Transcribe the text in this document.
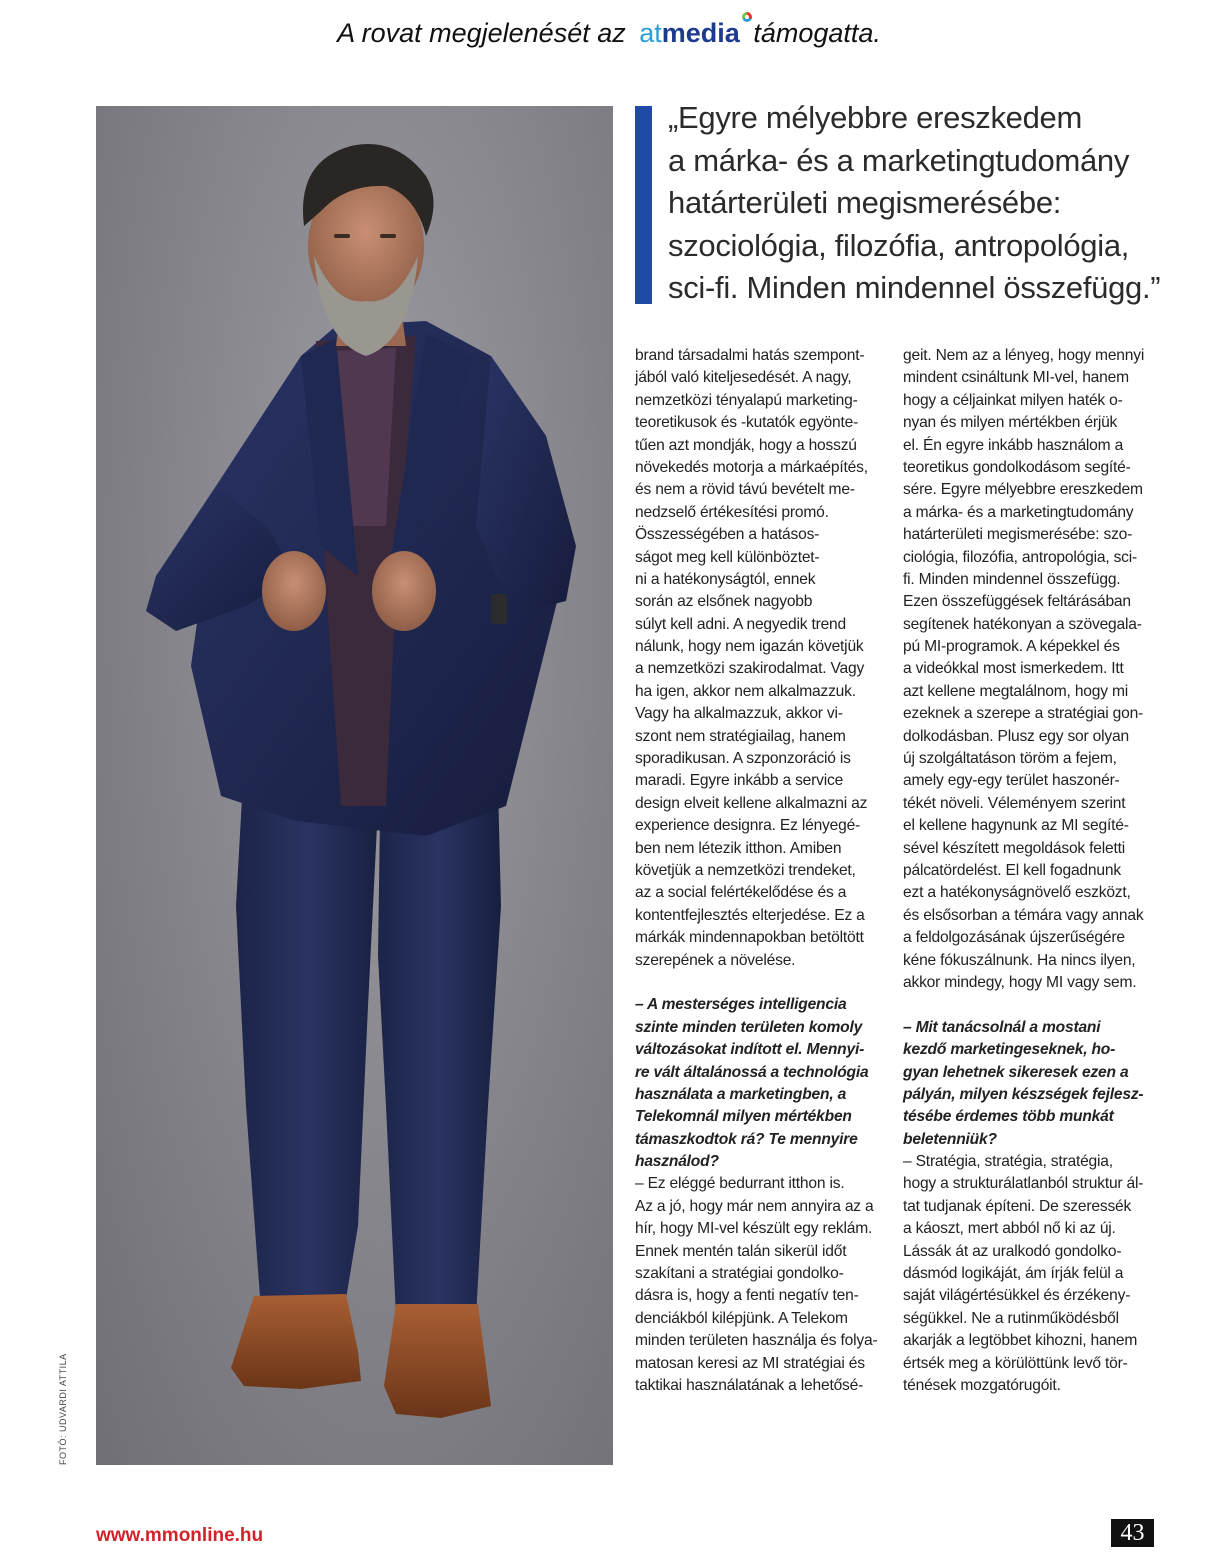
A rovat megjelenését az atmedia támogatta.
FOTÓ: UDVARDI ATTILA
„Egyre mélyebbre ereszkedem
a márka- és a marketingtudomány
határterületi megismerésébe:
szociológia, filozófia, antropológia,
sci-fi. Minden mindennel összefügg.”
brand társadalmi hatás szempont-
jából való kiteljesedését. A nagy,
nemzetközi tényalapú marketing-
teoretikusok és -kutatók egyönte-
tűen azt mondják, hogy a hosszú
növekedés motorja a márkaépítés,
és nem a rövid távú bevételt me-
nedzselő értékesítési promó.
Összességében a hatásos-
ságot meg kell különböztet-
ni a hatékonyságtól, ennek
során az elsőnek nagyobb
súlyt kell adni. A negyedik trend
nálunk, hogy nem igazán követjük
a nemzetközi szakirodalmat. Vagy
ha igen, akkor nem alkalmazzuk.
Vagy ha alkalmazzuk, akkor vi-
szont nem stratégiailag, hanem
sporadikusan. A szponzoráció is
maradi. Egyre inkább a service
design elveit kellene alkalmazni az
experience designra. Ez lényegé-
ben nem létezik itthon. Amiben
követjük a nemzetközi trendeket,
az a social felértékelődése és a
kontentfejlesztés elterjedése. Ez a
márkák mindennapokban betöltött
szerepének a növelése.
– A mesterséges intelligencia
szinte minden területen komoly
változásokat indított el. Mennyi-
re vált általánossá a technológia
használata a marketingben, a
Telekomnál milyen mértékben
támaszkodtok rá? Te mennyire
használod?
– Ez eléggé bedurrant itthon is.
Az a jó, hogy már nem annyira az a
hír, hogy MI-vel készült egy reklám.
Ennek mentén talán sikerül időt
szakítani a stratégiai gondolko-
dásra is, hogy a fenti negatív ten-
denciákból kilépjünk. A Telekom
minden területen használja és folya-
matosan keresi az MI stratégiai és
taktikai használatának a lehetősé-
geit. Nem az a lényeg, hogy mennyi
mindent csináltunk MI-vel, hanem
hogy a céljainkat milyen haték o-
nyan és milyen mértékben érjük
el. Én egyre inkább használom a
teoretikus gondolkodásom segíté-
sére. Egyre mélyebbre ereszkedem
a márka- és a marketingtudomány
határterületi megismerésébe: szo-
ciológia, filozófia, antropológia, sci-
fi. Minden mindennel összefügg.
Ezen összefüggések feltárásában
segítenek hatékonyan a szövegala-
pú MI-programok. A képekkel és
a videókkal most ismerkedem. Itt
azt kellene megtalálnom, hogy mi
ezeknek a szerepe a stratégiai gon-
dolkodásban. Plusz egy sor olyan
új szolgáltatáson töröm a fejem,
amely egy-egy terület haszonér-
tékét növeli. Véleményem szerint
el kellene hagynunk az MI segíté-
sével készített megoldások feletti
pálcatördelést. El kell fogadnunk
ezt a hatékonyságnövelő eszközt,
és elsősorban a témára vagy annak
a feldolgozásának újszerűségére
kéne fókuszálnunk. Ha nincs ilyen,
akkor mindegy, hogy MI vagy sem.
– Mit tanácsolnál a mostani
kezdő marketingeseknek, ho-
gyan lehetnek sikeresek ezen a
pályán, milyen készségek fejlesz-
tésébe érdemes több munkát
beletenniük?
– Stratégia, stratégia, stratégia,
hogy a strukturálatlanból struktur ál-
tat tudjanak építeni. De szeressék
a káoszt, mert abból nő ki az új.
Lássák át az uralkodó gondolko-
dásmód logikáját, ám írják felül a
saját világértésükkel és érzékeny-
ségükkel. Ne a rutinműködésből
akarják a legtöbbet kihozni, hanem
értsék meg a körülöttünk levő tör-
ténések mozgatórugóit.
www.mmonline.hu	43
